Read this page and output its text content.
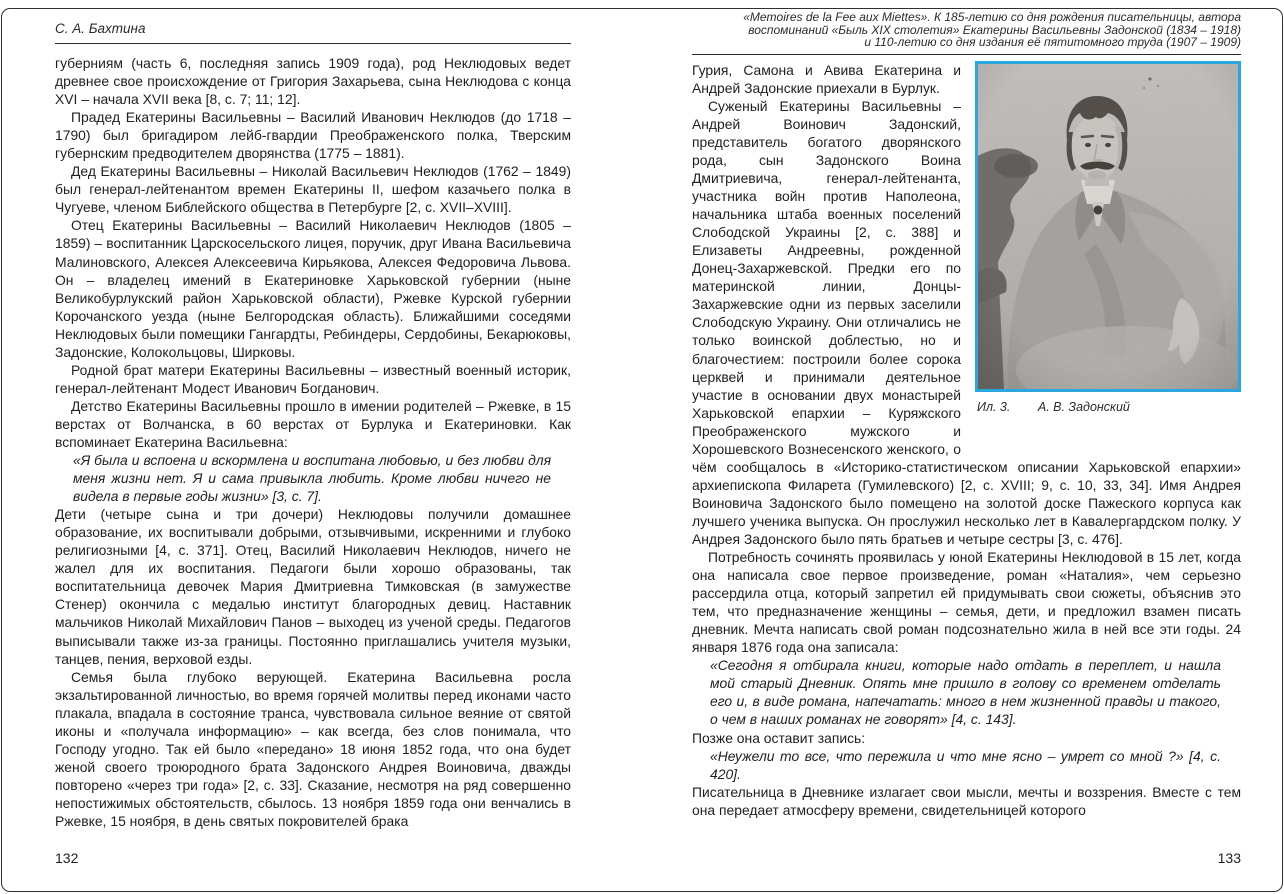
С. А. Бахтина

губерниям (часть 6, последняя запись 1909 года), род Неклюдовых ведет древнее свое происхождение от Григория Захарьева, сына Неклюдова с конца XVI – начала XVII века [8, с. 7; 11; 12].

Прадед Екатерины Васильевны – Василий Иванович Неклюдов (до 1718 – 1790) был бригадиром лейб-гвардии Преображенского полка, Тверским губернским предводителем дворянства (1775 – 1881).

Дед Екатерины Васильевны – Николай Васильевич Неклюдов (1762 – 1849) был генерал-лейтенантом времен Екатерины II, шефом казачьего полка в Чугуеве, членом Библейского общества в Петербурге [2, с. XVII–XVIII].

Отец Екатерины Васильевны – Василий Николаевич Неклюдов (1805 – 1859) – воспитанник Царскосельского лицея, поручик, друг Ивана Васильевича Малиновского, Алексея Алексеевича Кирьякова, Алексея Федоровича Львова. Он – владелец имений в Екатериновке Харьковской губернии (ныне Великобурлукский район Харьковской области), Ржевке Курской губернии Корочанского уезда (ныне Белгородская область). Ближайшими соседями Неклюдовых были помещики Гангардты, Ребиндеры, Сердобины, Бекарюковы, Задонские, Колокольцовы, Ширковы.

Родной брат матери Екатерины Васильевны – известный военный историк, генерал-лейтенант Модест Иванович Богданович.

Детство Екатерины Васильевны прошло в имении родителей – Ржевке, в 15 верстах от Волчанска, в 60 верстах от Бурлука и Екатериновки. Как вспоминает Екатерина Васильевна:

«Я была и вспоена и вскормлена и воспитана любовью, и без любви для меня жизни нет. Я и сама привыкла любить. Кроме любви ничего не видела в первые годы жизни» [3, с. 7].

Дети (четыре сына и три дочери) Неклюдовы получили домашнее образование, их воспитывали добрыми, отзывчивыми, искренними и глубоко религиозными [4, с. 371]. Отец, Василий Николаевич Неклюдов, ничего не жалел для их воспитания. Педагоги были хорошо образованы, так воспитательница девочек Мария Дмитриевна Тимковская (в замужестве Стенер) окончила с медалью институт благородных девиц. Наставник мальчиков Николай Михайлович Панов – выходец из ученой среды. Педагогов выписывали также из-за границы. Постоянно приглашались учителя музыки, танцев, пения, верховой езды.

Семья была глубоко верующей. Екатерина Васильевна росла экзальтированной личностью, во время горячей молитвы перед иконами часто плакала, впадала в состояние транса, чувствовала сильное веяние от святой иконы и «получала информацию» – как всегда, без слов понимала, что Господу угодно. Так ей было «передано» 18 июня 1852 года, что она будет женой своего троюродного брата Задонского Андрея Воиновича, дважды повторено «через три года» [2, с. 33]. Сказание, несмотря на ряд совершенно непостижимых обстоятельств, сбылось. 13 ноября 1859 года они венчались в Ржевке, 15 ноября, в день святых покровителей брака

132
«Memoires de la Fee aux Miettes». К 185-летию со дня рождения писательницы, автора
воспоминаний «Быль XIX столетия» Екатерины Васильевны Задонской (1834 – 1918)
и 110-летию со дня издания её пятитомного труда (1907 – 1909)
Ил. 3. А. В. Задонский

Гурия, Самона и Авива Екатерина и Андрей Задонские приехали в Бурлук.

Суженый Екатерины Васильевны – Андрей Воинович Задонский, представитель богатого дворянского рода, сын Задонского Воина Дмитриевича, генерал-лейтенанта, участника войн против Наполеона, начальника штаба военных поселений Слободской Украины [2, с. 388] и Елизаветы Андреевны, рожденной Донец-Захаржевской. Предки его по материнской линии, Донцы-Захаржевские одни из первых заселили Слободскую Украину. Они отличались не только воинской доблестью, но и благочестием: построили более сорока церквей и принимали деятельное участие в основании двух монастырей Харьковской епархии – Куряжского Преображенского мужского и Хорошевского Вознесенского женского, о чём сообщалось в «Историко-статистическом описании Харьковской епархии» архиепископа Филарета (Гумилевского) [2, с. XVIII; 9, с. 10, 33, 34]. Имя Андрея Воиновича Задонского было помещено на золотой доске Пажеского корпуса как лучшего ученика выпуска. Он прослужил несколько лет в Кавалергардском полку. У Андрея Задонского было пять братьев и четыре сестры [3, с. 476].

Потребность сочинять проявилась у юной Екатерины Неклюдовой в 15 лет, когда она написала свое первое произведение, роман «Наталия», чем серьезно рассердила отца, который запретил ей придумывать свои сюжеты, объяснив это тем, что предназначение женщины – семья, дети, и предложил взамен писать дневник. Мечта написать свой роман подсознательно жила в ней все эти годы. 24 января 1876 года она записала:

«Сегодня я отбирала книги, которые надо отдать в переплет, и нашла мой старый Дневник. Опять мне пришло в голову со временем отделать его и, в виде романа, напечатать: много в нем жизненной правды и такого, о чем в наших романах не говорят» [4, с. 143].

Позже она оставит запись:

«Неужели то все, что пережила и что мне ясно – умрет со мной ?» [4, с. 420].

Писательница в Дневнике излагает свои мысли, мечты и воззрения. Вместе с тем она передает атмосферу времени, свидетельницей которого

133
